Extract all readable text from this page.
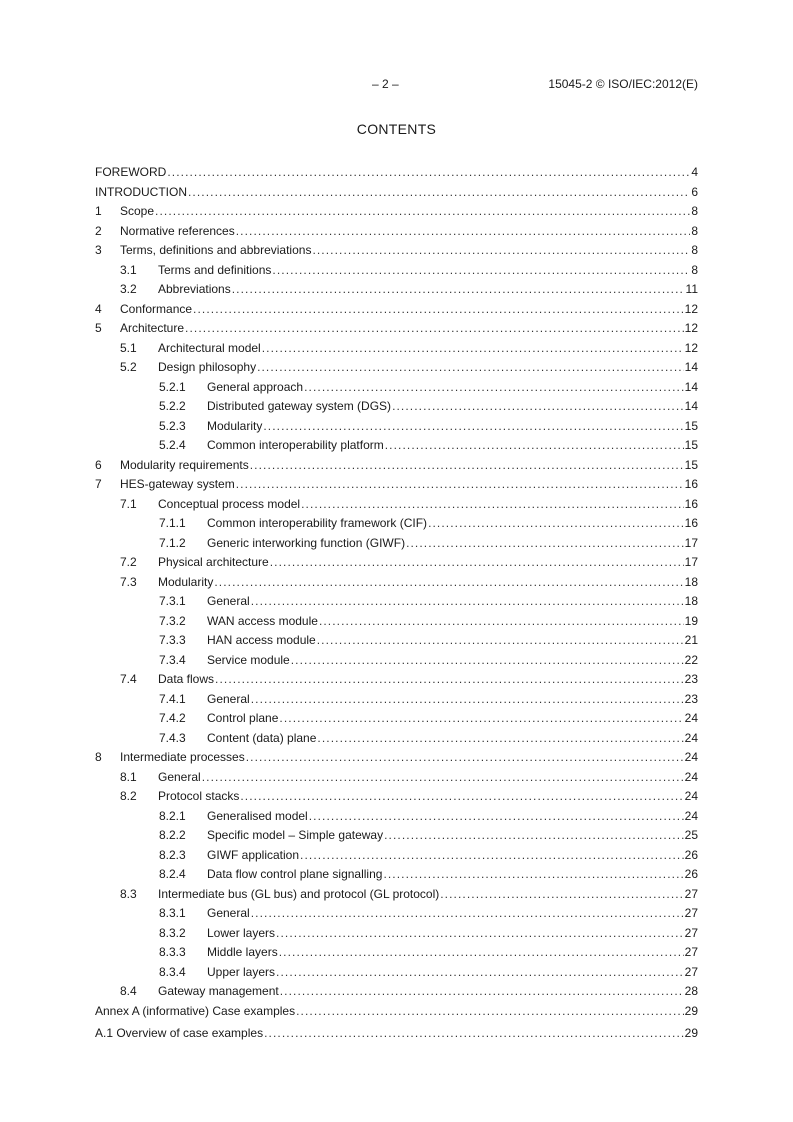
– 2 –	15045-2 © ISO/IEC:2012(E)
CONTENTS
FOREWORD .....	4
INTRODUCTION .....	6
1	Scope .....	8
2	Normative references .....	8
3	Terms, definitions and abbreviations .....	8
3.1	Terms and definitions .....	8
3.2	Abbreviations .....	11
4	Conformance .....	12
5	Architecture .....	12
5.1	Architectural model .....	12
5.2	Design philosophy .....	14
5.2.1	General approach .....	14
5.2.2	Distributed gateway system (DGS) .....	14
5.2.3	Modularity .....	15
5.2.4	Common interoperability platform .....	15
6	Modularity requirements .....	15
7	HES-gateway system .....	16
7.1	Conceptual process model .....	16
7.1.1	Common interoperability framework (CIF) .....	16
7.1.2	Generic interworking function (GIWF) .....	17
7.2	Physical architecture .....	17
7.3	Modularity .....	18
7.3.1	General .....	18
7.3.2	WAN access module .....	19
7.3.3	HAN access module .....	21
7.3.4	Service module .....	22
7.4	Data flows .....	23
7.4.1	General .....	23
7.4.2	Control plane .....	24
7.4.3	Content (data) plane .....	24
8	Intermediate processes .....	24
8.1	General .....	24
8.2	Protocol stacks .....	24
8.2.1	Generalised model .....	24
8.2.2	Specific model – Simple gateway .....	25
8.2.3	GIWF application .....	26
8.2.4	Data flow control plane signalling .....	26
8.3	Intermediate bus (GL bus) and protocol (GL protocol) .....	27
8.3.1	General .....	27
8.3.2	Lower layers .....	27
8.3.3	Middle layers .....	27
8.3.4	Upper layers .....	27
8.4	Gateway management .....	28
Annex A (informative) Case examples .....	29
A.1 Overview of case examples .....	29
